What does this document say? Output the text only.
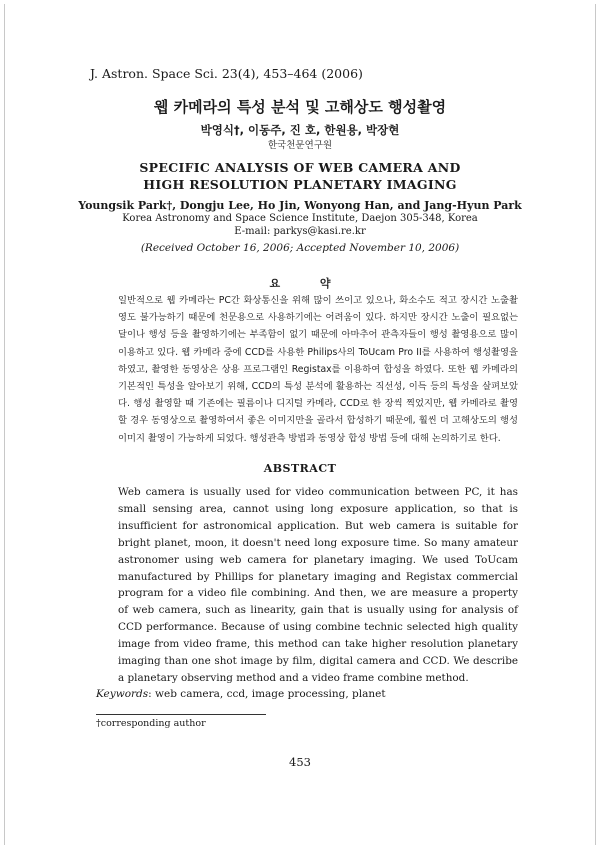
J. Astron. Space Sci. 23(4), 453–464 (2006)
웹 카메라의 특성 분석 및 고해상도 행성촬영
박영식†, 이동주, 진 호, 한원용, 박장현
한국천문연구원
SPECIFIC ANALYSIS OF WEB CAMERA AND
HIGH RESOLUTION PLANETARY IMAGING
Youngsik Park†, Dongju Lee, Ho Jin, Wonyong Han, and Jang-Hyun Park
Korea Astronomy and Space Science Institute, Daejon 305-348, Korea
E-mail: parkys@kasi.re.kr
(Received October 16, 2006; Accepted November 10, 2006)
요 약
일반적으로 웹 카메라는 PC간 화상통신을 위해 많이 쓰이고 있으나, 화소수도 적고 장시간 노출촬영도 불가능하기 때문에 천문용으로 사용하기에는 어려움이 있다. 하지만 장시간 노출이 필요없는 달이나 행성 등을 촬영하기에는 부족함이 없기 때문에 아마추어 관측자들이 행성 촬영용으로 많이 이용하고 있다. 웹 카메라 중에 CCD를 사용한 Philips사의 ToUcam Pro II를 사용하여 행성촬영을 하였고, 촬영한 동영상은 상용 프로그램인 Registax를 이용하여 합성을 하였다. 또한 웹 카메라의 기본적인 특성을 알아보기 위해, CCD의 특성 분석에 활용하는 직선성, 이득 등의 특성을 살펴보았다. 행성 촬영할 때 기존에는 필름이나 디지털 카메라, CCD로 한 장씩 찍었지만, 웹 카메라로 촬영할 경우 동영상으로 촬영하여서 좋은 이미지만을 골라서 합성하기 때문에, 훨씬 더 고해상도의 행성이미지 촬영이 가능하게 되었다. 행성관측 방법과 동영상 합성 방법 등에 대해 논의하기로 한다.
ABSTRACT
Web camera is usually used for video communication between PC, it has small sensing area, cannot using long exposure application, so that is insufficient for astronomical application. But web camera is suitable for bright planet, moon, it doesn't need long exposure time. So many amateur astronomer using web camera for planetary imaging. We used ToUcam manufactured by Phillips for planetary imaging and Registax commercial program for a video file combining. And then, we are measure a property of web camera, such as linearity, gain that is usually using for analysis of CCD performance. Because of using combine technic selected high quality image from video frame, this method can take higher resolution planetary imaging than one shot image by film, digital camera and CCD. We describe a planetary observing method and a video frame combine method.
Keywords: web camera, ccd, image processing, planet
†corresponding author
453
